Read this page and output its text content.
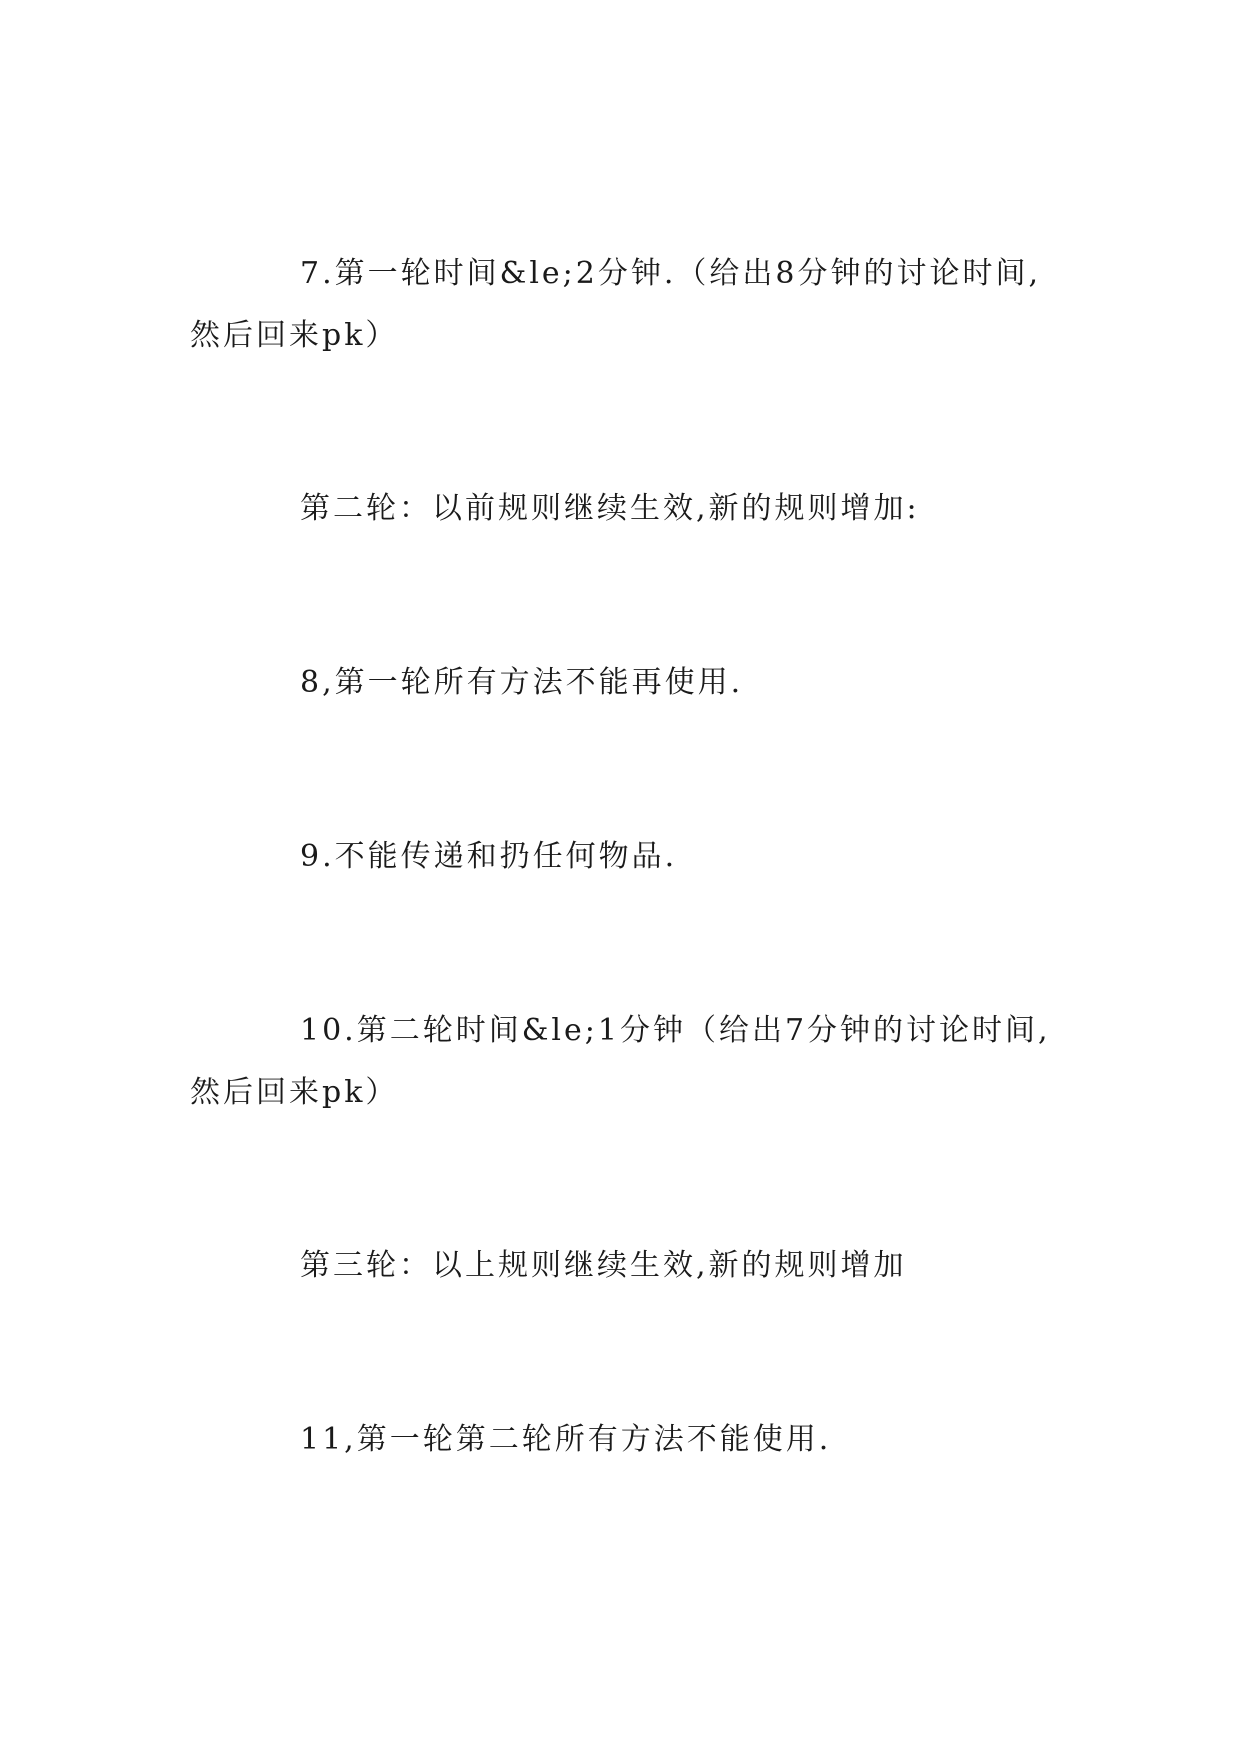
7.第一轮时间&le;2分钟.（给出8分钟的讨论时间,然后回来pk）

第二轮：以前规则继续生效,新的规则增加:

8,第一轮所有方法不能再使用.

9.不能传递和扔任何物品.

10.第二轮时间&le;1分钟（给出7分钟的讨论时间,然后回来pk）

第三轮：以上规则继续生效,新的规则增加

11,第一轮第二轮所有方法不能使用.
